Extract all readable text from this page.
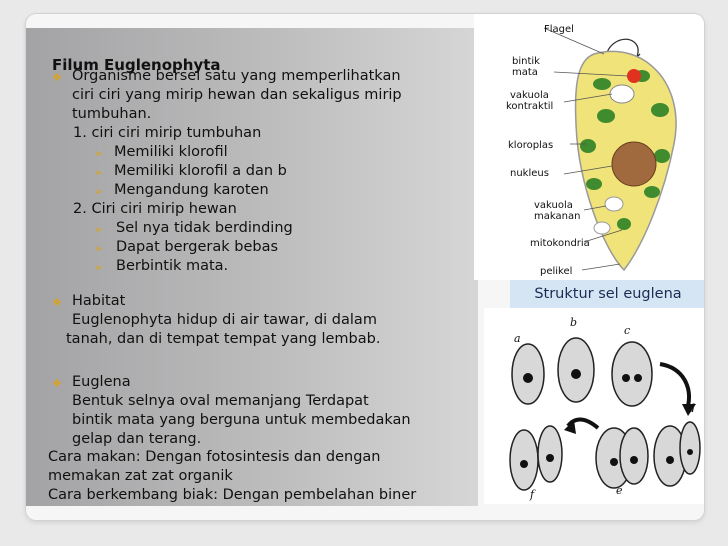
Filum Euglenophyta
❖ Organisme bersel satu yang memperlihatkan
ciri ciri yang mirip hewan dan sekaligus mirip
tumbuhan.
1. ciri ciri mirip tumbuhan
➢ Memiliki klorofil
➢ Memiliki klorofil a dan b
➢ Mengandung karoten
2. Ciri ciri mirip hewan
➢ Sel nya tidak berdinding
➢ Dapat bergerak bebas
➢ Berbintik mata.
❖ Habitat
Euglenophyta hidup di air tawar, di dalam
tanah, dan di tempat tempat yang lembab.
❖ Euglena
Bentuk selnya oval memanjang Terdapat
bintik mata yang berguna untuk membedakan
gelap dan terang.
Cara makan: Dengan fotosintesis dan dengan
memakan zat zat organik
Cara berkembang biak: Dengan pembelahan biner
Flagel
bintik
mata
vakuola
kontraktil
kloroplas
nukleus
vakuola
makanan
mitokondria
pelikel
Struktur sel euglena
a
b
c
d
e
f
